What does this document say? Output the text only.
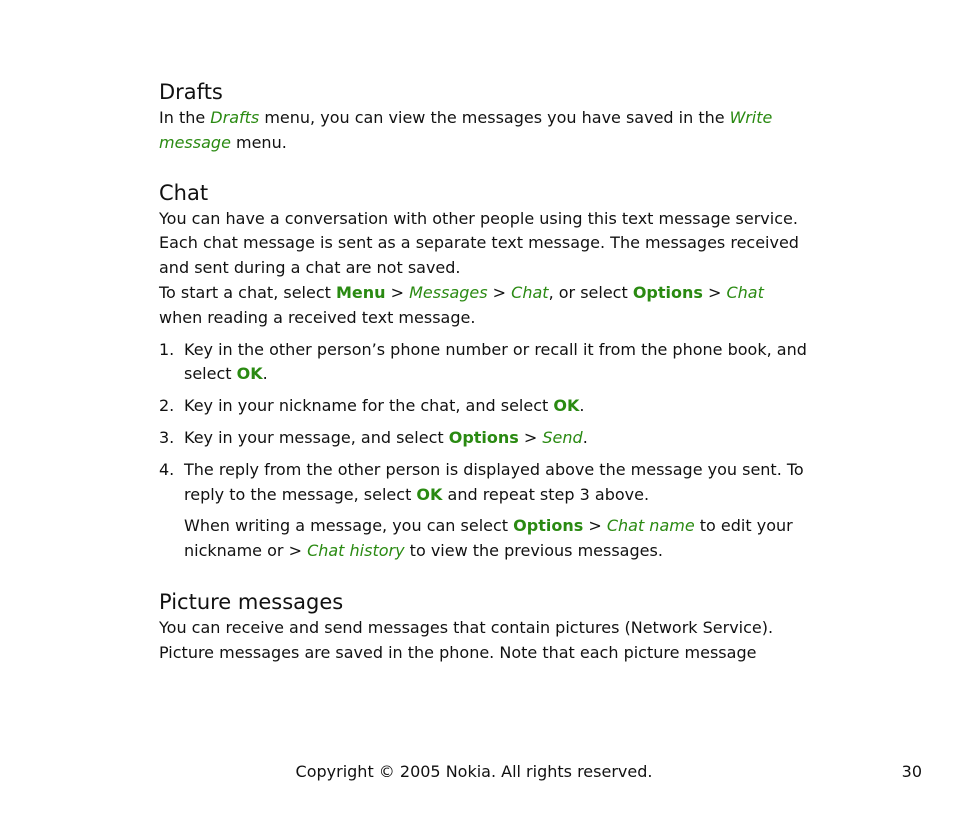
Drafts

In the Drafts menu, you can view the messages you have saved in the Write message menu.

Chat

You can have a conversation with other people using this text message service. Each chat message is sent as a separate text message. The messages received and sent during a chat are not saved.

To start a chat, select Menu > Messages > Chat, or select Options > Chat when reading a received text message.

1. Key in the other person’s phone number or recall it from the phone book, and select OK.
2. Key in your nickname for the chat, and select OK.
3. Key in your message, and select Options > Send.
4. The reply from the other person is displayed above the message you sent. To reply to the message, select OK and repeat step 3 above.

When writing a message, you can select Options > Chat name to edit your nickname or > Chat history to view the previous messages.

Picture messages

You can receive and send messages that contain pictures (Network Service). Picture messages are saved in the phone. Note that each picture message

Copyright © 2005 Nokia. All rights reserved.	30
